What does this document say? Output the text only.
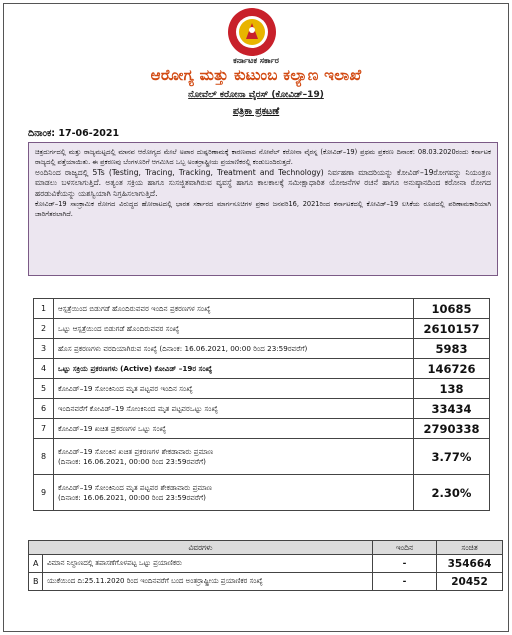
ಕರ್ನಾಟಕ ಸರ್ಕಾರ
ಆರೋಗ್ಯ ಮತ್ತು ಕುಟುಂಬ ಕಲ್ಯಾಣ ಇಲಾಖೆ
ನೋವೆಲ್ ಕರೋನಾ ವೈರಸ್ (ಕೋವಿಡ್–19)
ಪತ್ರಿಕಾ ಪ್ರಕಟಣೆ
ದಿನಾಂಕ: 17-06-2021

ಚಿತ್ರದುರ್ಗದಲ್ಲಿ ಮತ್ತು ರಾಜ್ಯಮಟ್ಟದಲ್ಲಿ ಮಾನವ ಆರೋಗ್ಯದ ಮೇಲೆ ಅಪಾರ ದುಷ್ಪರಿಣಾಮಕ್ಕೆ ಕಾರಣವಾದ ನೋವೆಲ್ ಕರೋನಾ ವೈರಸ್ನ (ಕೋವಿಡ್–19) ಪ್ರಥಮ ಪ್ರಕರಣ ದಿನಾಂಕ: 08.03.2020ರಂದು ಕರ್ನಾಟಕ ರಾಜ್ಯದಲ್ಲಿ ಪತ್ತೆಯಾಯಿತು. ಈ ಪ್ರಕರಣವು ಬೆಂಗಳೂರಿಗೆ ಆಗಮಿಸಿದ ಒಬ್ಬ ಅಂತರ್ರಾಷ್ಟ್ರೀಯ ಪ್ರಯಾಣಿಕರಲ್ಲಿ ಕಂಡುಬಂದಿರುತ್ತದೆ.

ಅಂದಿನಿಂದ ರಾಜ್ಯದಲ್ಲಿ 5Ts (Testing, Tracing, Tracking, Treatment and Technology) ನಿರ್ವಹಣಾ ಮಾದರಿಯನ್ನು ಕೋವಿಡ್–19ರೋಗವನ್ನು ನಿಯಂತ್ರಣ ಮಾಡಲು ಬಳಸಲಾಗುತ್ತಿದೆ. ಅತ್ಯಂತ ಸಕ್ರಿಯ ಹಾಗೂ ಸುಸಜ್ಜಿತವಾಗಿರುವ ವ್ಯವಸ್ಥೆ ಹಾಗೂ ಕಾಲಕಾಲಕ್ಕೆ ಸಮೀಕ್ಷಾಧಾರಿತ ಯೋಜನೆಗಳ ರಚನೆ ಹಾಗೂ ಅನುಷ್ಠಾನದಿಂದ ಕರೋನಾ ರೋಗದ ಹರಡುವಿಕೆಯನ್ನು ಯಶಸ್ವಿಯಾಗಿ ನಿಗ್ರಹಿಸಲಾಗುತ್ತಿದೆ.

ಕೋವಿಡ್–19 ಸಾಂಕ್ರಾಮಿಕ ರೋಗದ ವಿರುದ್ಧದ ಹೋರಾಟದಲ್ಲಿ ಭಾರತ ಸರ್ಕಾರದ ಮಾರ್ಗಸೂಚಿಗಳ ಪ್ರಕಾರ ಜನವರಿ16, 2021ರಿಂದ ಕರ್ನಾಟಕದಲ್ಲಿ ಕೋವಿಡ್–19 ಲಸಿಕೆಯ ರೂಪದಲ್ಲಿ ಪರಿಣಾಮಕಾರಿಯಾಗಿ ಜಾರಿಗೆತರಲಾಗಿದೆ.

1	ಆಸ್ಪತ್ರೆಯಿಂದ ಬಿಡುಗಡೆ ಹೊಂದಿರುವವರ ಇಂದಿನ ಪ್ರಕರಣಗಳ ಸಂಖ್ಯೆ	10685
2	ಒಟ್ಟು ಆಸ್ಪತ್ರೆಯಿಂದ ಬಿಡುಗಡೆ ಹೊಂದಿರುವವರ ಸಂಖ್ಯೆ	2610157
3	ಹೊಸ ಪ್ರಕರಣಗಳು ವರದಿಯಾಗಿರುವ ಸಂಖ್ಯೆ (ದಿನಾಂಕ: 16.06.2021, 00:00 ರಿಂದ 23:59ರವರೆಗೆ)	5983
4	ಒಟ್ಟು ಸಕ್ರಿಯ ಪ್ರಕರಣಗಳು (Active) ಕೋವಿಡ್ –19ರ ಸಂಖ್ಯೆ	146726
5	ಕೋವಿಡ್–19 ಸೋಂಕಿನಿಂದ ಮೃತ ಪಟ್ಟವರ ಇಂದಿನ ಸಂಖ್ಯೆ	138
6	ಇಂದಿನವರೆಗೆ ಕೋವಿಡ್–19 ಸೋಂಕಿನಿಂದ ಮೃತ ಪಟ್ಟವರಒಟ್ಟು ಸಂಖ್ಯೆ	33434
7	ಕೋವಿಡ್–19 ಖಚಿತ ಪ್ರಕರಣಗಳ ಒಟ್ಟು ಸಂಖ್ಯೆ	2790338
8	ಕೋವಿಡ್–19 ಸೋಂಕಿನ ಖಚಿತ ಪ್ರಕರಣಗಳ ಶೇಕಡಾವಾರು ಪ್ರಮಾಣ
(ದಿನಾಂಕ: 16.06.2021, 00:00 ರಿಂದ 23:59ರವರೆಗೆ)	3.77%
9	ಕೋವಿಡ್–19 ಸೋಂಕಿನಿಂದ ಮೃತ ಪಟ್ಟವರ ಶೇಕಡಾವಾರು ಪ್ರಮಾಣ
(ದಿನಾಂಕ: 16.06.2021, 00:00 ರಿಂದ 23:59ರವರೆಗೆ)	2.30%
ವಿವರಗಳು		ಇಂದಿನ	ಸಂಚಿತ
A	ವಿಮಾನ ನಿಲ್ದಾಣದಲ್ಲಿ ತಪಾಸಣೆಗೊಳಪಟ್ಟ ಒಟ್ಟು ಪ್ರಯಾಣಿಕರು	-	354664
B	ಯುಕೆಯಿಂದ ದಿ:25.11.2020 ರಿಂದ ಇಂದಿನವರೆಗೆ ಬಂದ ಅಂತರ್ರಾಷ್ಟ್ರೀಯ ಪ್ರಯಾಣಿಕರ ಸಂಖ್ಯೆ	-	20452
